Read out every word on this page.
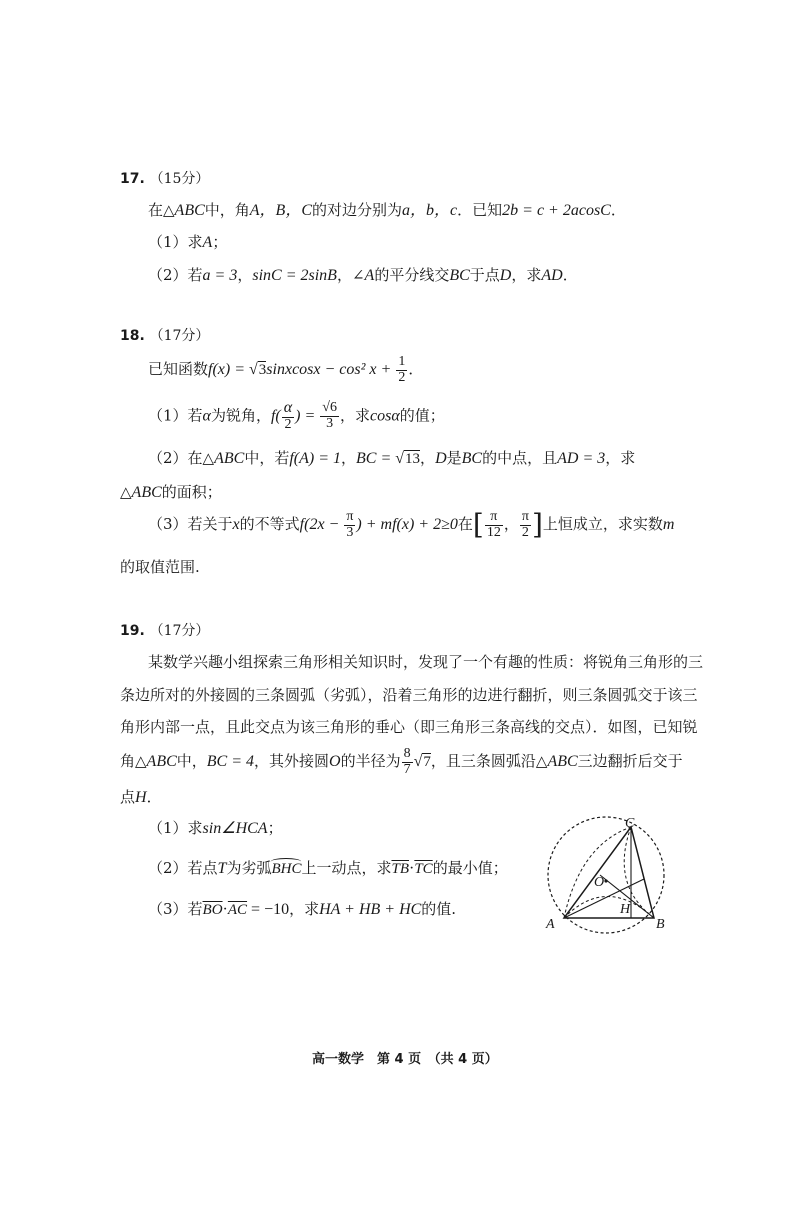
17. （15分）
在△ABC中，角A，B，C的对边分别为a，b，c．已知2b = c + 2acosC．
（1）求A；
（2）若a = 3，sinC = 2sinB，∠A的平分线交BC于点D，求AD．
18. （17分）
已知函数f(x) = √3sinxcosx − cos² $x + \frac{1}{2}$ ．
（1）若α为锐角，$f( \frac{\alpha}{2}$ ) = $\frac{√6}{3}$ ，求cosα的值；
（2）在△ABC中，若f(A) = 1，BC = √13，D是BC的中点，且AD = 3，求
△ABC的面积；
（3）若关于x的不等式$f(2x - \frac{\pi}{3}$ ) + mf(x) + 2≥0在[ $\frac{\pi}{12}$ ， $\frac{\pi}{2}$ ]上恒成立，求实数m
的取值范围.
19. （17分）
某数学兴趣小组探索三角形相关知识时，发现了一个有趣的性质：将锐角三角形的三
条边所对的外接圆的三条圆弧（劣弧），沿着三角形的边进行翻折，则三条圆弧交于该三
角形内部一点，且此交点为该三角形的垂心（即三角形三条高线的交点）．如图，已知锐
角△ABC中，BC = 4，其外接圆O的半径为 $\frac{8}{7} √7$，且三条圆弧沿△ABC三边翻折后交于
点H．
（1）求sin∠HCA；
（2）若点T为劣弧BHC上一动点，求$\overline{TB}\cdot\overline{TC}$的最小值；
（3）若$\overline{BO}\cdot\overline{AC} = -10$，求HA + HB + HC的值.
A	B
C
O
H
高一数学　第 4 页　（共 4 页）
